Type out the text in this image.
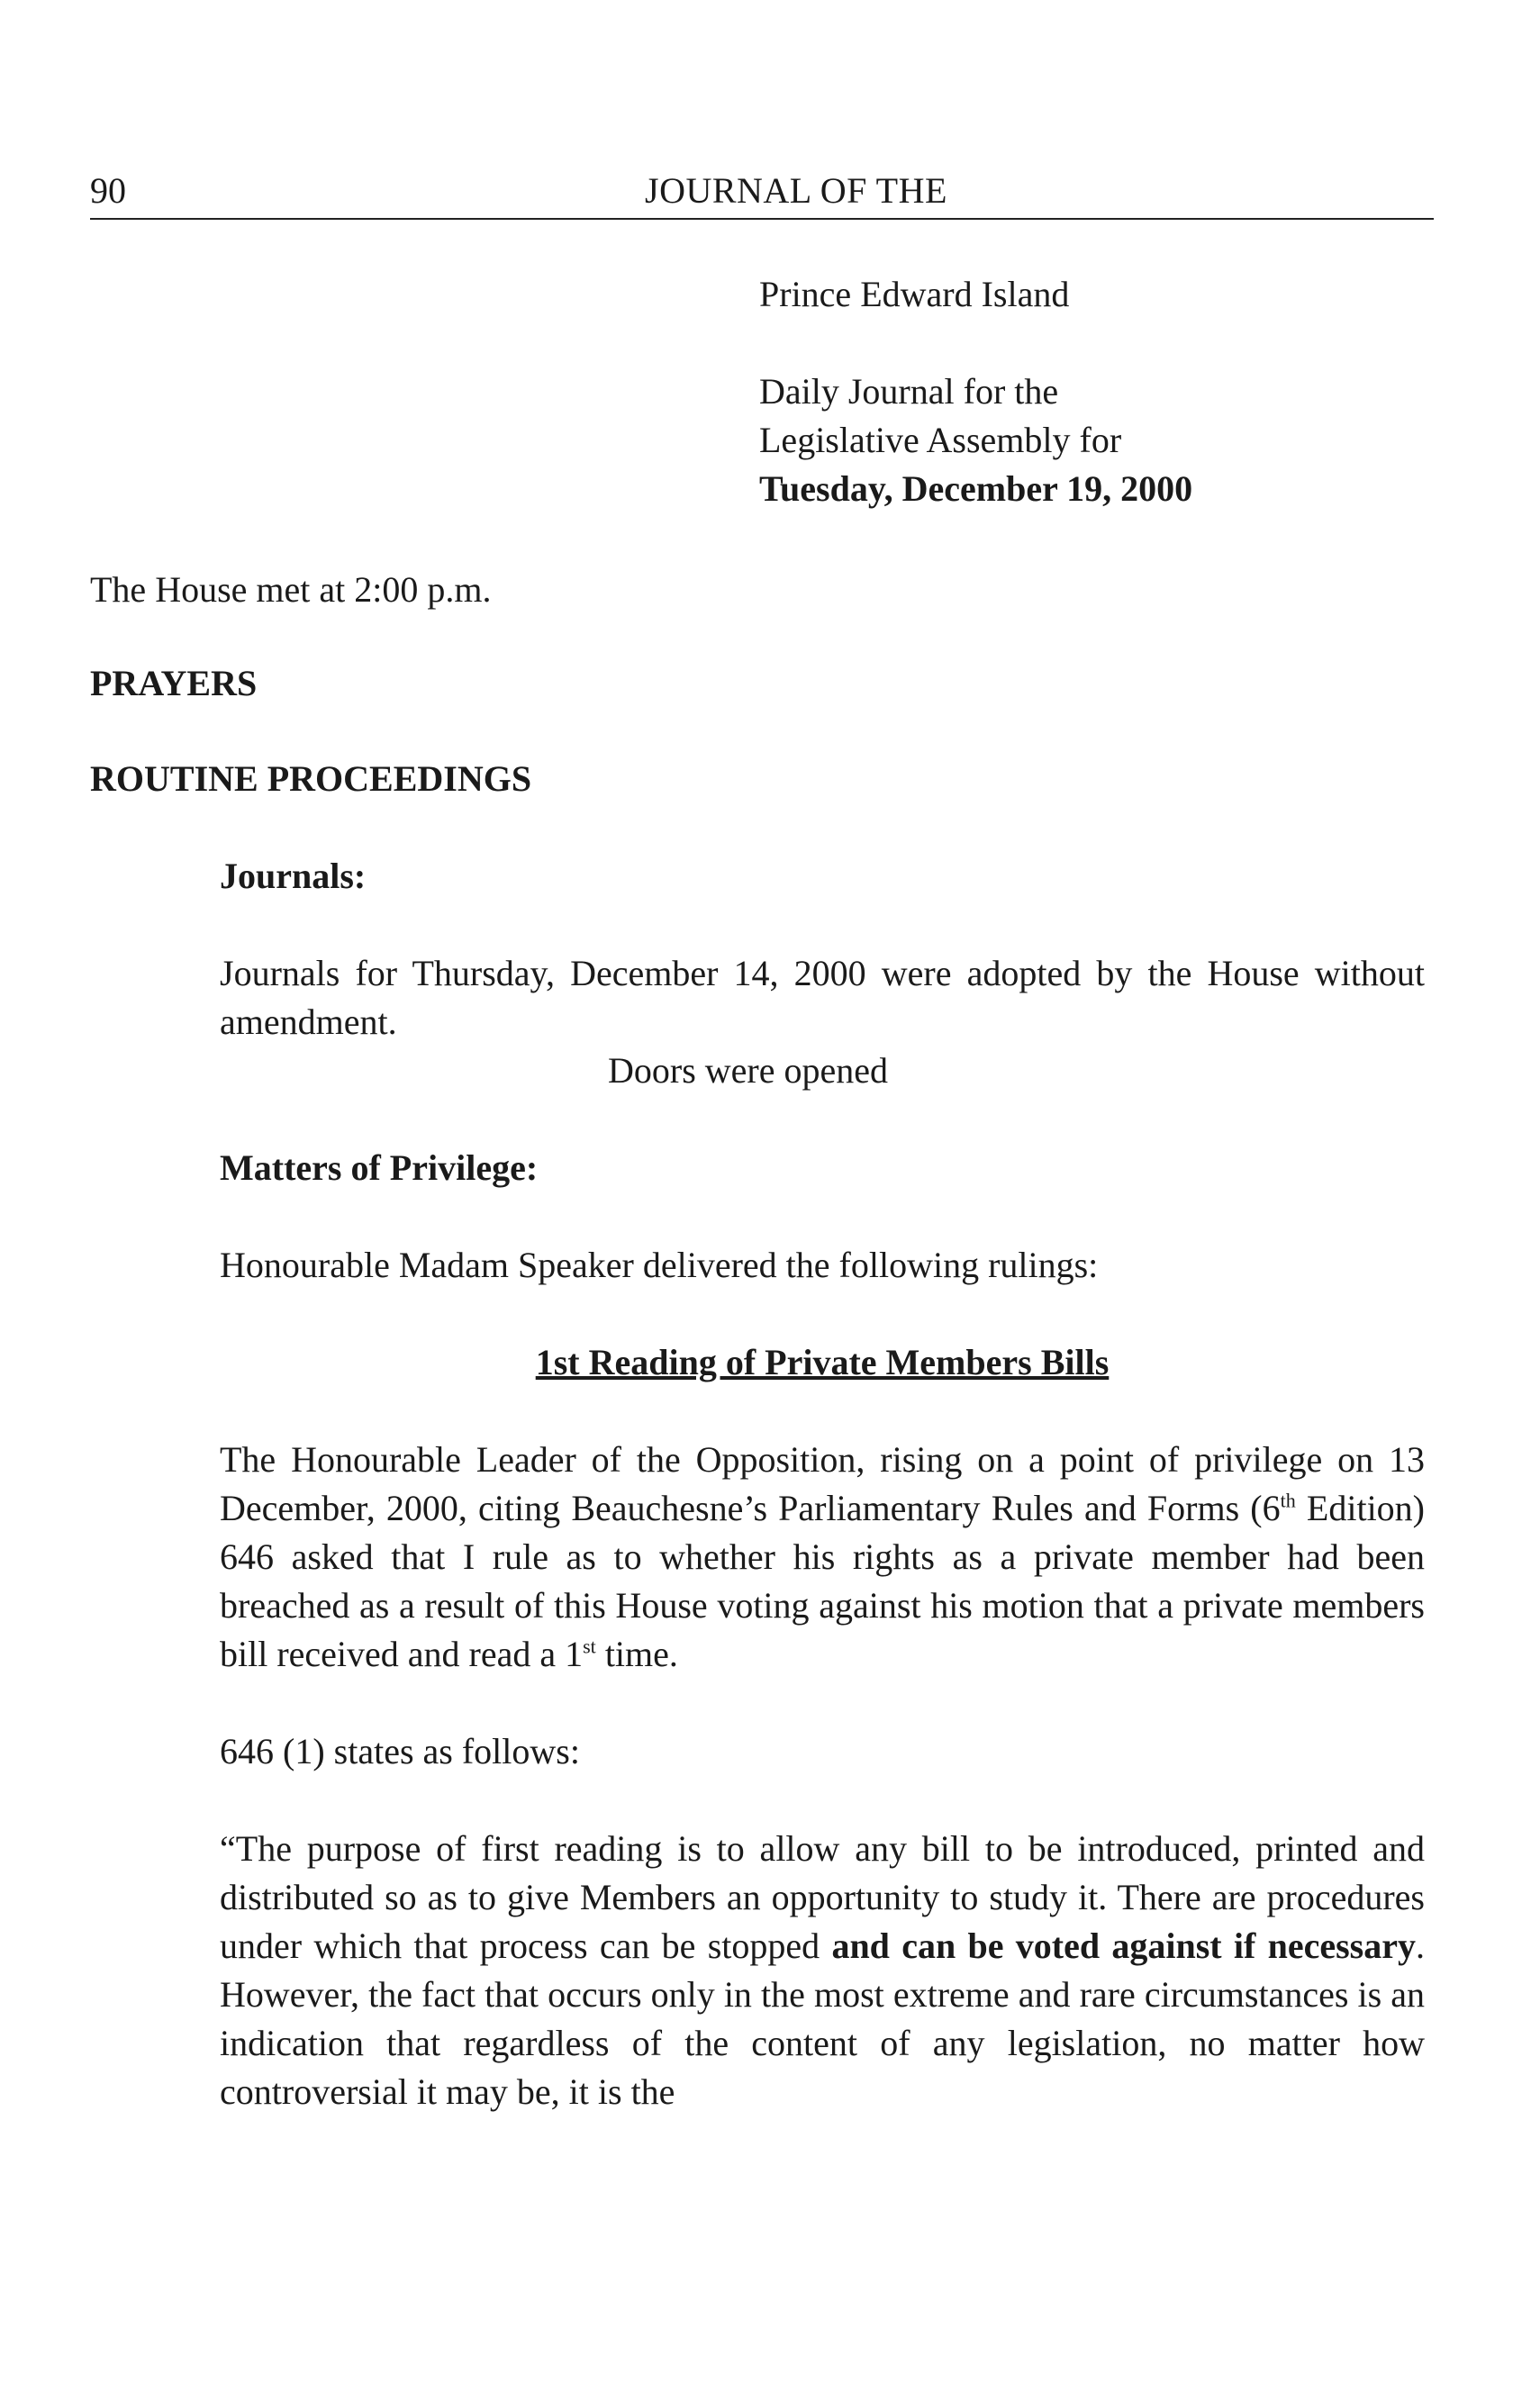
90	JOURNAL OF THE
Prince Edward Island
Daily Journal for the
Legislative Assembly for
Tuesday, December 19, 2000
The House met at 2:00 p.m.
PRAYERS
ROUTINE PROCEEDINGS
Journals:
Journals for Thursday, December 14, 2000 were adopted by the House without amendment.
Doors were opened
Matters of Privilege:
Honourable Madam Speaker delivered the following rulings:
1st Reading of Private Members Bills
The Honourable Leader of the Opposition, rising on a point of privilege on 13 December, 2000, citing Beauchesne’s Parliamentary Rules and Forms (6th Edition) 646 asked that I rule as to whether his rights as a private member had been breached as a result of this House voting against his motion that a private members bill received and read a 1st time.
646 (1) states as follows:
“The purpose of first reading is to allow any bill to be introduced, printed and distributed so as to give Members an opportunity to study it. There are procedures under which that process can be stopped and can be voted against if necessary. However, the fact that occurs only in the most extreme and rare circumstances is an indication that regardless of the content of any legislation, no matter how controversial it may be, it is the
